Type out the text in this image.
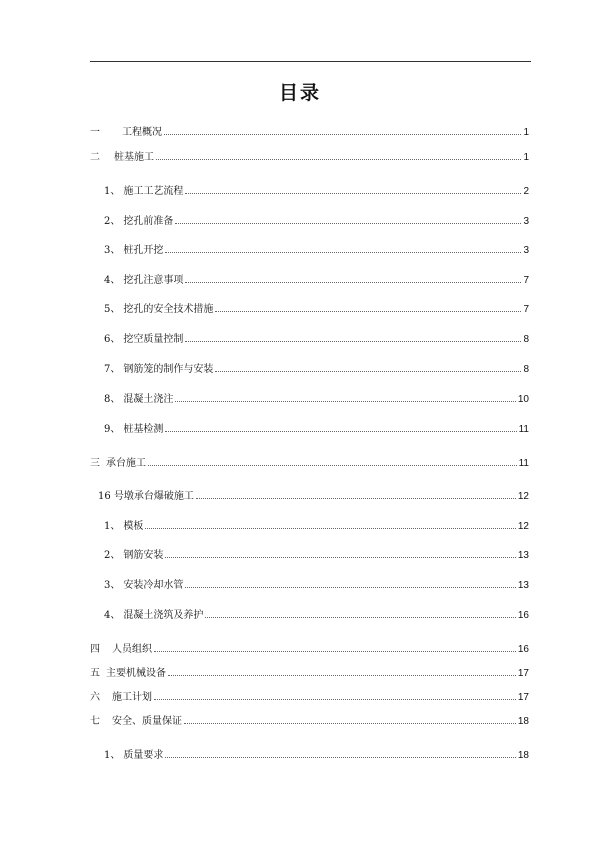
目录
一 工程概况	1
二 桩基施工	1
1、 施工工艺流程	2
2、 挖孔前准备	3
3、 桩孔开挖	3
4、 挖孔注意事项	7
5、 挖孔的安全技术措施	7
6、 挖空质量控制	8
7、 钢筋笼的制作与安装	8
8、 混凝土浇注	10
9、 桩基检测	11
三 承台施工	11
16 号 墩承台爆破施工	12
1、 模板	12
2、 钢筋安装	13
3、 安装冷却水管	13
4、 混凝土浇筑及养护	16
四 人员组织	16
五 主要机械设备	17
六 施工计划	17
七 安全、质量保证	18
1、 质量要求	18
